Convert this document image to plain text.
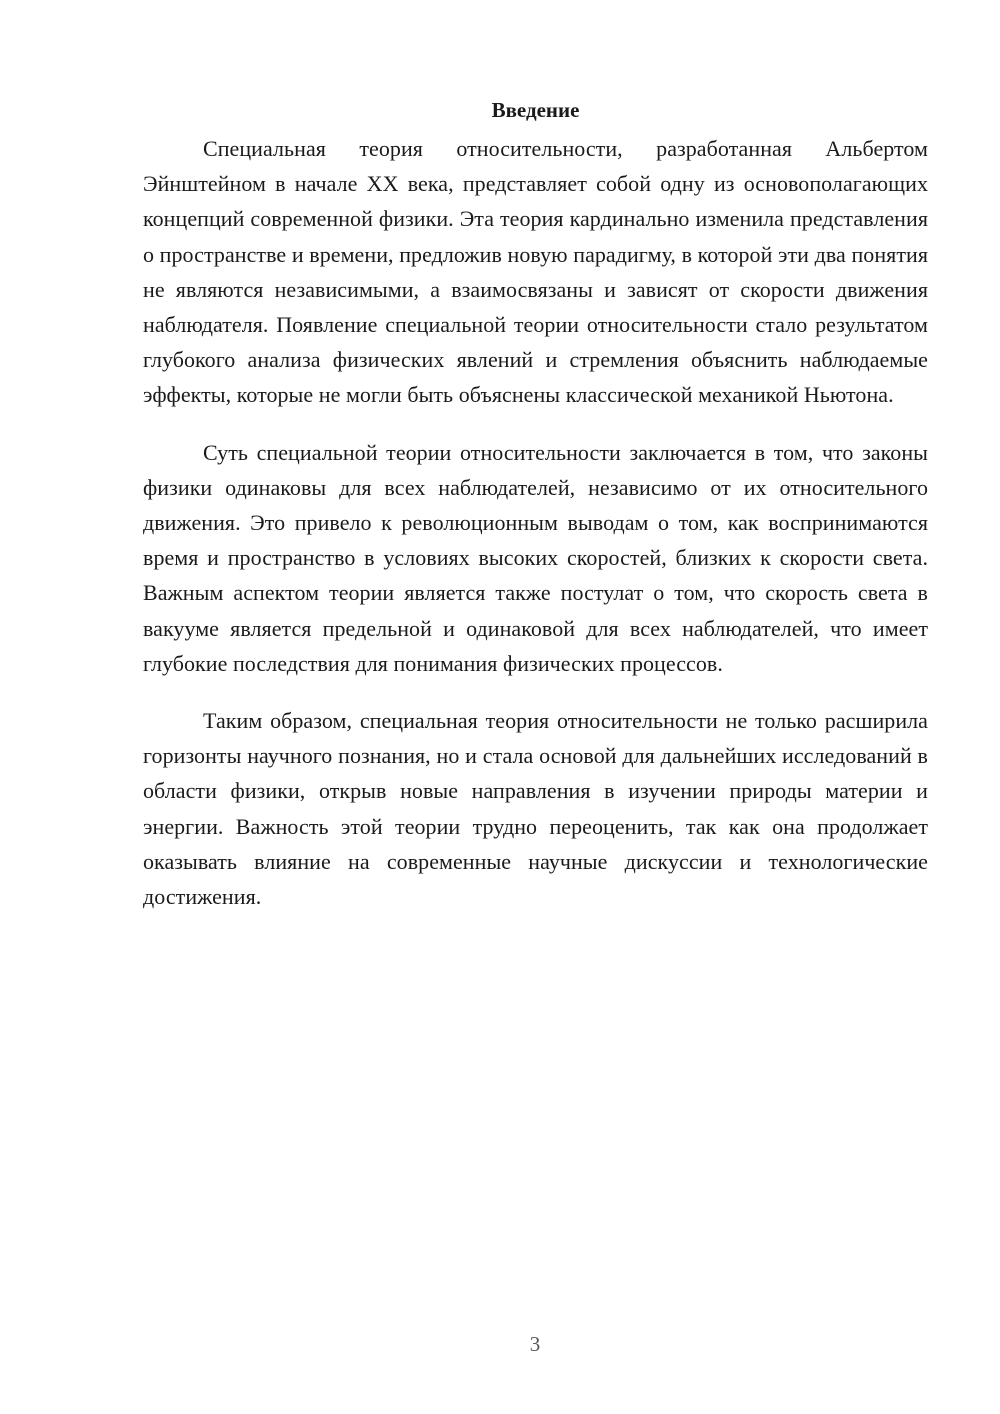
Введение

Специальная теория относительности, разработанная Альбертом Эйнштейном в начале XX века, представляет собой одну из основополагающих концепций современной физики. Эта теория кардинально изменила представления о пространстве и времени, предложив новую парадигму, в которой эти два понятия не являются независимыми, а взаимосвязаны и зависят от скорости движения наблюдателя. Появление специальной теории относительности стало результатом глубокого анализа физических явлений и стремления объяснить наблюдаемые эффекты, которые не могли быть объяснены классической механикой Ньютона.

Суть специальной теории относительности заключается в том, что законы физики одинаковы для всех наблюдателей, независимо от их относительного движения. Это привело к революционным выводам о том, как воспринимаются время и пространство в условиях высоких скоростей, близких к скорости света. Важным аспектом теории является также постулат о том, что скорость света в вакууме является предельной и одинаковой для всех наблюдателей, что имеет глубокие последствия для понимания физических процессов.

Таким образом, специальная теория относительности не только расширила горизонты научного познания, но и стала основой для дальнейших исследований в области физики, открыв новые направления в изучении природы материи и энергии. Важность этой теории трудно переоценить, так как она продолжает оказывать влияние на современные научные дискуссии и технологические достижения.

3
